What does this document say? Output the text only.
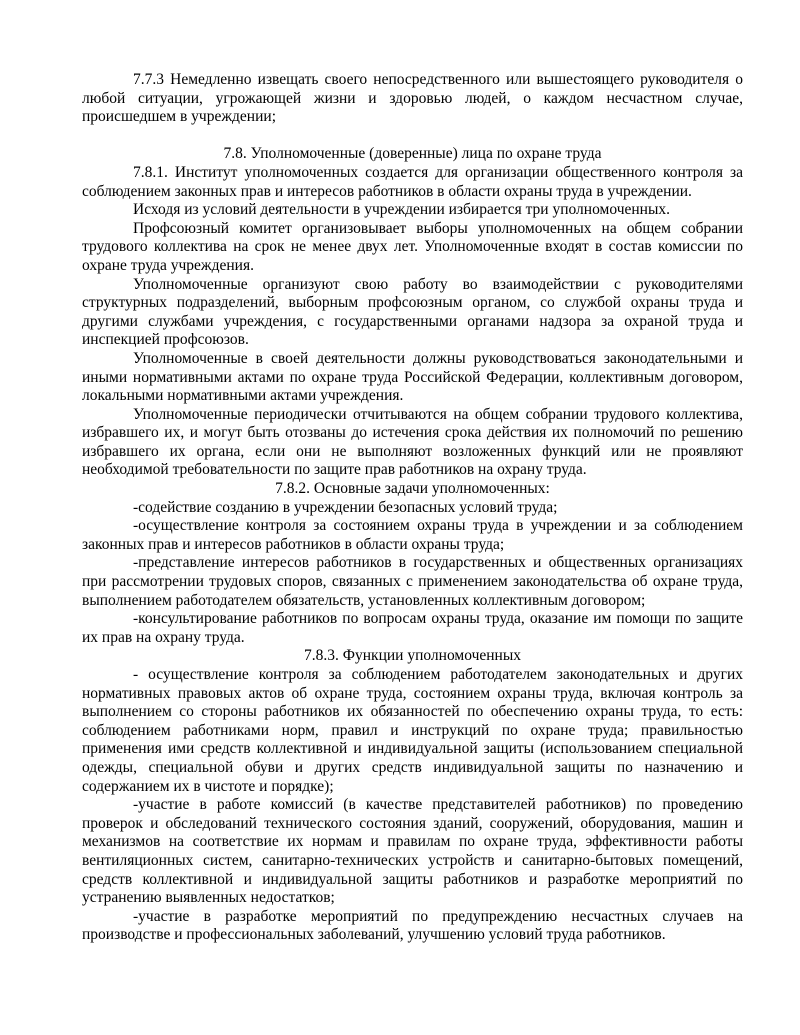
7.7.3 Немедленно извещать своего непосредственного или вышестоящего руководителя о любой ситуации, угрожающей жизни и здоровью людей, о каждом несчастном случае, происшедшем в учреждении;

7.8. Уполномоченные (доверенные) лица по охране труда

7.8.1. Институт уполномоченных создается для организации общественного контроля за соблюдением законных прав и интересов работников в области охраны труда в учреждении.

Исходя из условий деятельности в учреждении избирается три уполномоченных.

Профсоюзный комитет организовывает выборы уполномоченных на общем собрании трудового коллектива на срок не менее двух лет. Уполномоченные входят в состав комиссии по охране труда учреждения.

Уполномоченные организуют свою работу во взаимодействии с руководителями структурных подразделений, выборным профсоюзным органом, со службой охраны труда и другими службами учреждения, с государственными органами надзора за охраной труда и инспекцией профсоюзов.

Уполномоченные в своей деятельности должны руководствоваться законодательными и иными нормативными актами по охране труда Российской Федерации, коллективным договором, локальными нормативными актами учреждения.

Уполномоченные периодически отчитываются на общем собрании трудового коллектива, избравшего их, и могут быть отозваны до истечения срока действия их полномочий по решению избравшего их органа, если они не выполняют возложенных функций или не проявляют необходимой требовательности по защите прав работников на охрану труда.

7.8.2. Основные задачи уполномоченных:

-содействие созданию в учреждении безопасных условий труда;

-осуществление контроля за состоянием охраны труда в учреждении и за соблюдением законных прав и интересов работников в области охраны труда;

-представление интересов работников в государственных и общественных организациях при рассмотрении трудовых споров, связанных с применением законодательства об охране труда, выполнением работодателем обязательств, установленных коллективным договором;

-консультирование работников по вопросам охраны труда, оказание им помощи по защите их прав на охрану труда.

7.8.3. Функции уполномоченных

- осуществление контроля за соблюдением работодателем законодательных и других нормативных правовых актов об охране труда, состоянием охраны труда, включая контроль за выполнением со стороны работников их обязанностей по обеспечению охраны труда, то есть: соблюдением работниками норм, правил и инструкций по охране труда; правильностью применения ими средств коллективной и индивидуальной защиты (использованием специальной одежды, специальной обуви и других средств индивидуальной защиты по назначению и содержанием их в чистоте и порядке);

-участие в работе комиссий (в качестве представителей работников) по проведению проверок и обследований технического состояния зданий, сооружений, оборудования, машин и механизмов на соответствие их нормам и правилам по охране труда, эффективности работы вентиляционных систем, санитарно-технических устройств и санитарно-бытовых помещений, средств коллективной и индивидуальной защиты работников и разработке мероприятий по устранению выявленных недостатков;

-участие в разработке мероприятий по предупреждению несчастных случаев на производстве и профессиональных заболеваний, улучшению условий труда работников.
